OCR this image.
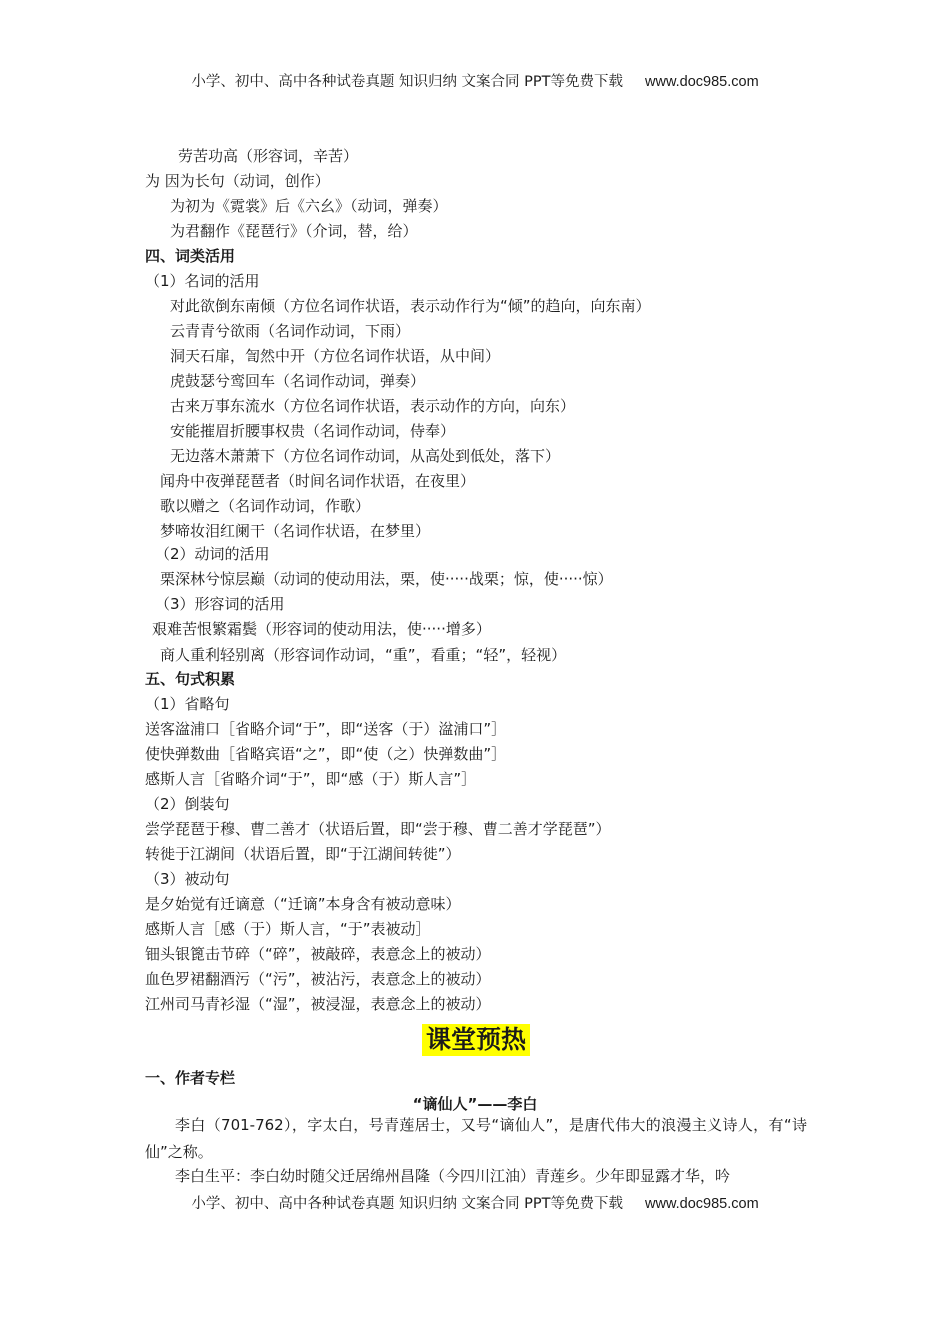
小学、初中、高中各种试卷真题 知识归纳 文案合同 PPT等免费下载 www.doc985.com
劳苦功高（形容词，辛苦）
为 因为长句（动词，创作）
为初为《霓裳》后《六幺》（动词，弹奏）
为君翻作《琵琶行》（介词，替，给）
四、词类活用
（1）名词的活用
对此欲倒东南倾（方位名词作状语，表示动作行为“倾”的趋向，向东南）
云青青兮欲雨（名词作动词，下雨）
洞天石扉，訇然中开（方位名词作状语，从中间）
虎鼓瑟兮鸾回车（名词作动词，弹奏）
古来万事东流水（方位名词作状语，表示动作的方向，向东）
安能摧眉折腰事权贵（名词作动词，侍奉）
无边落木萧萧下（方位名词作动词，从高处到低处，落下）
闻舟中夜弹琵琶者（时间名词作状语，在夜里）
歌以赠之（名词作动词，作歌）
梦啼妆泪红阑干（名词作状语，在梦里）
（2）动词的活用
栗深林兮惊层巅（动词的使动用法，栗，使·····战栗；惊，使·····惊）
（3）形容词的活用
艰难苦恨繁霜鬓（形容词的使动用法，使·····增多）
商人重利轻别离（形容词作动词，“重”，看重；“轻”，轻视）
五、句式积累
（1）省略句
送客湓浦口［省略介词“于”，即“送客（于）湓浦口”］
使快弹数曲［省略宾语“之”，即“使（之）快弹数曲”］
感斯人言［省略介词“于”，即“感（于）斯人言”］
（2）倒装句
尝学琵琶于穆、曹二善才（状语后置，即“尝于穆、曹二善才学琵琶”）
转徙于江湖间（状语后置，即“于江湖间转徙”）
（3）被动句
是夕始觉有迁谪意（“迁谪”本身含有被动意味）
感斯人言［感（于）斯人言，“于”表被动］
钿头银篦击节碎（“碎”，被敲碎，表意念上的被动）
血色罗裙翻酒污（“污”，被沾污，表意念上的被动）
江州司马青衫湿（“湿”，被浸湿，表意念上的被动）
课堂预热
一、作者专栏
“谪仙人”——李白
李白（701-762），字太白，号青莲居士，又号“谪仙人”，是唐代伟大的浪漫主义诗人，有“诗仙”之称。
李白生平：李白幼时随父迁居绵州昌隆（今四川江油）青莲乡。少年即显露才华，吟
小学、初中、高中各种试卷真题 知识归纳 文案合同 PPT等免费下载 www.doc985.com
